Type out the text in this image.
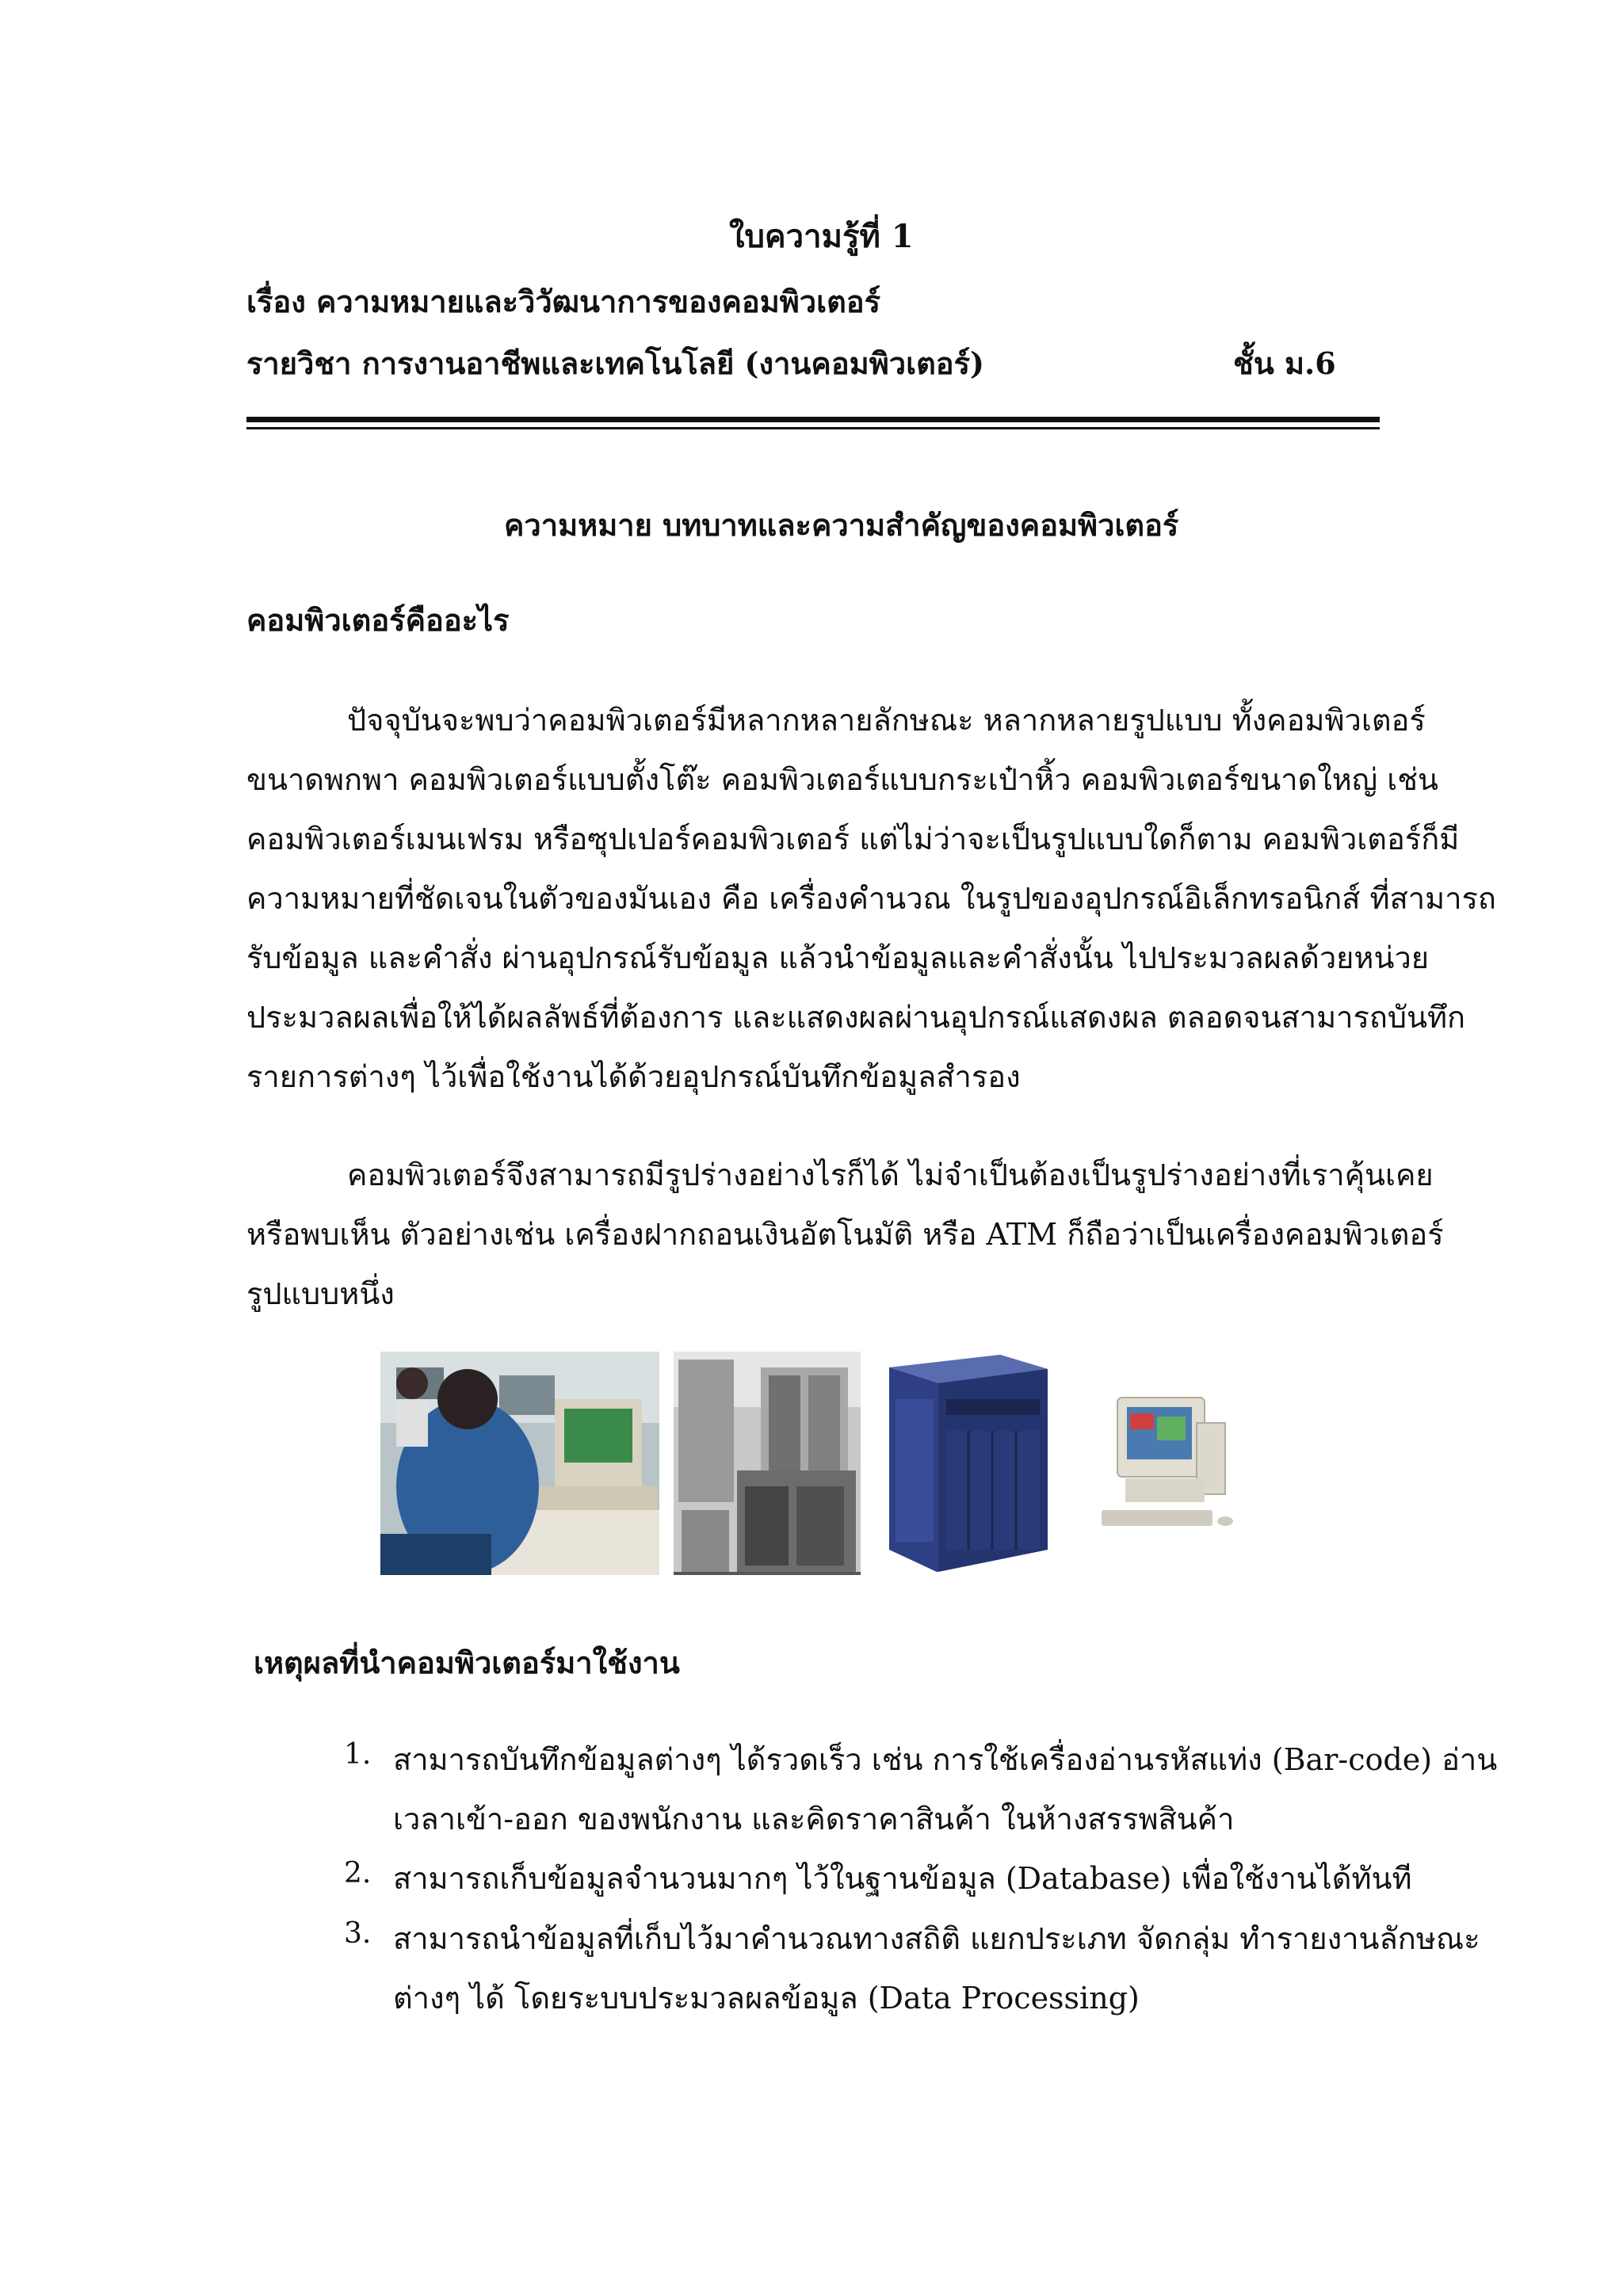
ใบความรู้ที่ 1
เรื่อง ความหมายและวิวัฒนาการของคอมพิวเตอร์
รายวิชา การงานอาชีพและเทคโนโลยี (งานคอมพิวเตอร์)	ชั้น ม.6
ความหมาย บทบาทและความสำคัญของคอมพิวเตอร์
คอมพิวเตอร์คืออะไร
ปัจจุบันจะพบว่าคอมพิวเตอร์มีหลากหลายลักษณะ หลากหลายรูปแบบ ทั้งคอมพิวเตอร์
ขนาดพกพา คอมพิวเตอร์แบบตั้งโต๊ะ คอมพิวเตอร์แบบกระเป๋าหิ้ว คอมพิวเตอร์ขนาดใหญ่ เช่น
คอมพิวเตอร์เมนเฟรม หรือซุปเปอร์คอมพิวเตอร์ แต่ไม่ว่าจะเป็นรูปแบบใดก็ตาม คอมพิวเตอร์ก็มี
ความหมายที่ชัดเจนในตัวของมันเอง คือ เครื่องคำนวณ ในรูปของอุปกรณ์อิเล็กทรอนิกส์ ที่สามารถ
รับข้อมูล และคำสั่ง ผ่านอุปกรณ์รับข้อมูล แล้วนำข้อมูลและคำสั่งนั้น ไปประมวลผลด้วยหน่วย
ประมวลผลเพื่อให้ได้ผลลัพธ์ที่ต้องการ และแสดงผลผ่านอุปกรณ์แสดงผล ตลอดจนสามารถบันทึก
รายการต่างๆ ไว้เพื่อใช้งานได้ด้วยอุปกรณ์บันทึกข้อมูลสำรอง
คอมพิวเตอร์จึงสามารถมีรูปร่างอย่างไรก็ได้ ไม่จำเป็นต้องเป็นรูปร่างอย่างที่เราคุ้นเคย
หรือพบเห็น ตัวอย่างเช่น เครื่องฝากถอนเงินอัตโนมัติ หรือ ATM ก็ถือว่าเป็นเครื่องคอมพิวเตอร์
รูปแบบหนึ่ง
เหตุผลที่นำคอมพิวเตอร์มาใช้งาน
1. สามารถบันทึกข้อมูลต่างๆ ได้รวดเร็ว เช่น การใช้เครื่องอ่านรหัสแท่ง (Bar-code) อ่าน
เวลาเข้า-ออก ของพนักงาน และคิดราคาสินค้า ในห้างสรรพสินค้า
2. สามารถเก็บข้อมูลจำนวนมากๆ ไว้ในฐานข้อมูล (Database) เพื่อใช้งานได้ทันที
3. สามารถนำข้อมูลที่เก็บไว้มาคำนวณทางสถิติ แยกประเภท จัดกลุ่ม ทำรายงานลักษณะ
ต่างๆ ได้ โดยระบบประมวลผลข้อมูล (Data Processing)
